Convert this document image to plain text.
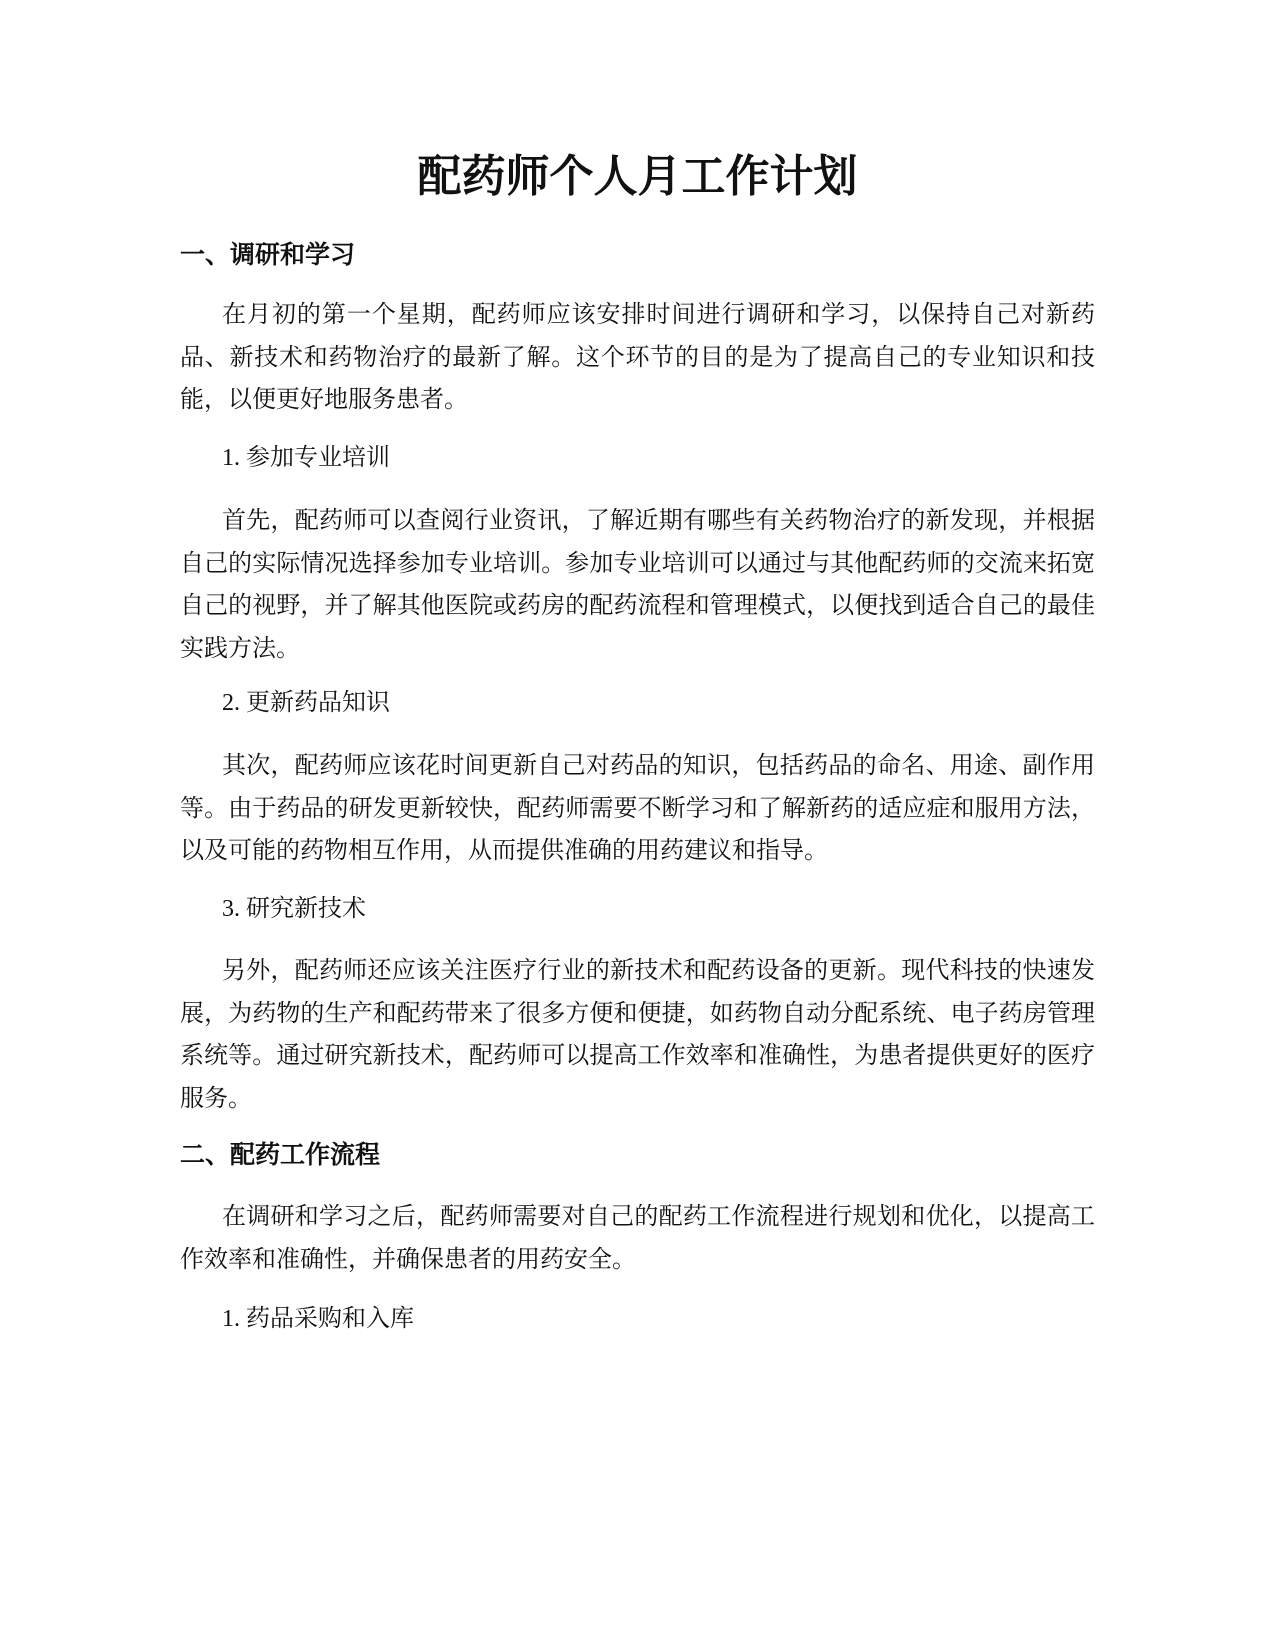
配药师个人月工作计划
一、调研和学习

在月初的第一个星期，配药师应该安排时间进行调研和学习，以保持自己对新药品、新技术和药物治疗的最新了解。这个环节的目的是为了提高自己的专业知识和技能，以便更好地服务患者。

1. 参加专业培训

首先，配药师可以查阅行业资讯，了解近期有哪些有关药物治疗的新发现，并根据自己的实际情况选择参加专业培训。参加专业培训可以通过与其他配药师的交流来拓宽自己的视野，并了解其他医院或药房的配药流程和管理模式，以便找到适合自己的最佳实践方法。

2. 更新药品知识

其次，配药师应该花时间更新自己对药品的知识，包括药品的命名、用途、副作用等。由于药品的研发更新较快，配药师需要不断学习和了解新药的适应症和服用方法，以及可能的药物相互作用，从而提供准确的用药建议和指导。

3. 研究新技术

另外，配药师还应该关注医疗行业的新技术和配药设备的更新。现代科技的快速发展，为药物的生产和配药带来了很多方便和便捷，如药物自动分配系统、电子药房管理系统等。通过研究新技术，配药师可以提高工作效率和准确性，为患者提供更好的医疗服务。

二、配药工作流程

在调研和学习之后，配药师需要对自己的配药工作流程进行规划和优化，以提高工作效率和准确性，并确保患者的用药安全。

1. 药品采购和入库
